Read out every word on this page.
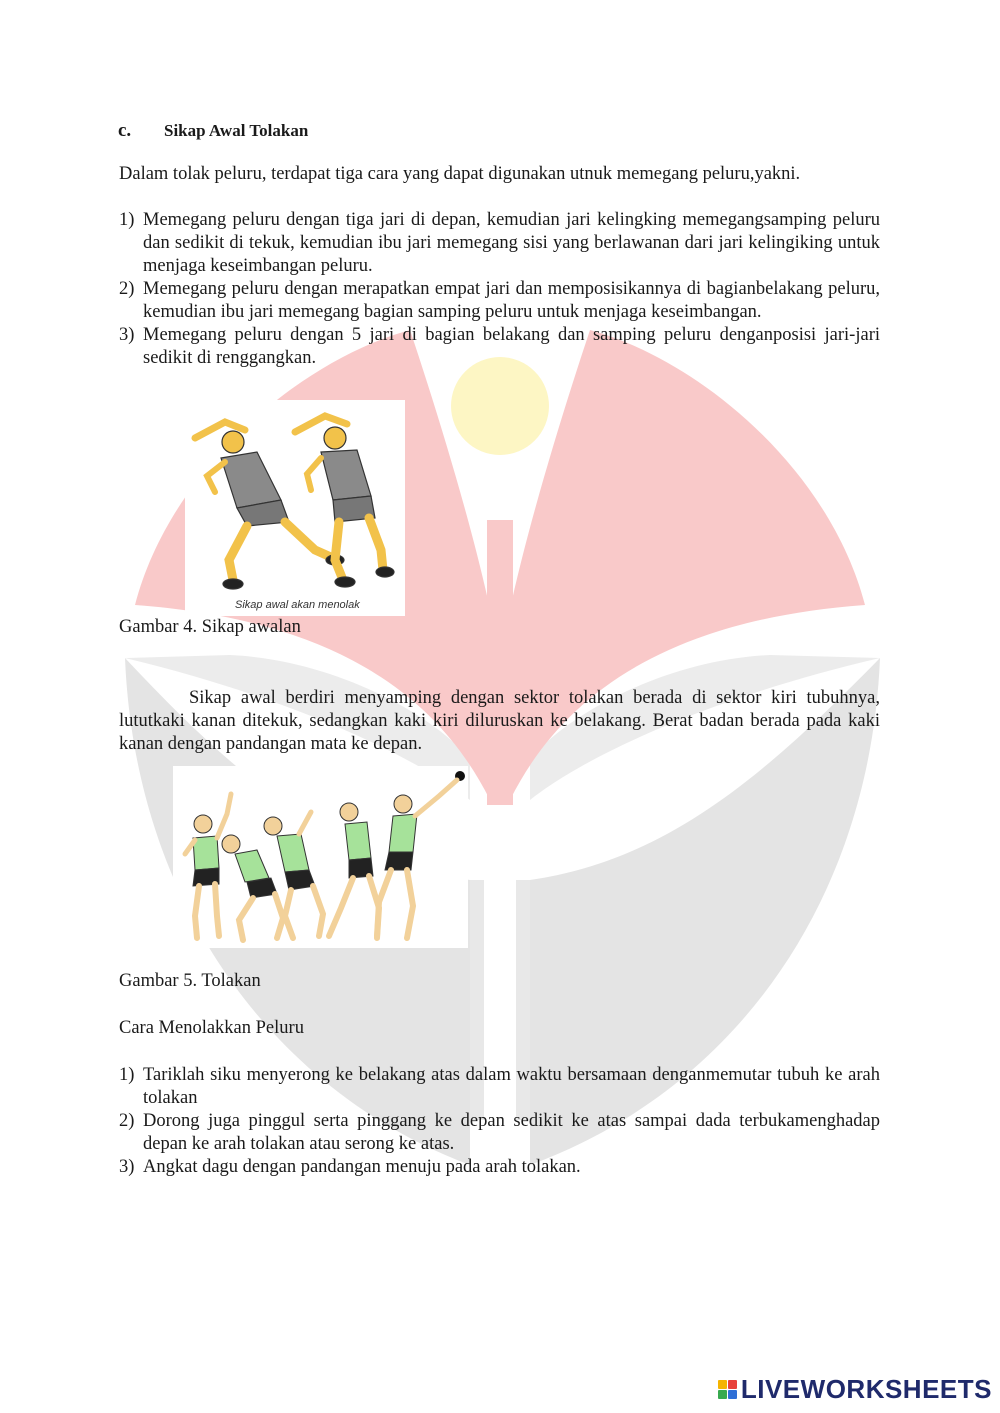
c. Sikap Awal Tolakan
Dalam tolak peluru, terdapat tiga cara yang dapat digunakan utnuk memegang peluru,yakni.
1) Memegang peluru dengan tiga jari di depan, kemudian jari kelingking memegangsamping peluru dan sedikit di tekuk, kemudian ibu jari memegang sisi yang berlawanan dari jari kelingiking untuk menjaga keseimbangan peluru.
2) Memegang peluru dengan merapatkan empat jari dan memposisikannya di bagianbelakang peluru, kemudian ibu jari memegang bagian samping peluru untuk menjaga keseimbangan.
3) Memegang peluru dengan 5 jari di bagian belakang dan samping peluru denganposisi jari-jari sedikit di renggangkan.
Sikap awal akan menolak
Gambar 4. Sikap awalan
Sikap awal berdiri menyamping dengan sektor tolakan berada di sektor kiri tubuhnya, lututkaki kanan ditekuk, sedangkan kaki kiri diluruskan ke belakang. Berat badan berada pada kaki kanan dengan pandangan mata ke depan.
Gambar 5. Tolakan
Cara Menolakkan Peluru
1) Tariklah siku menyerong ke belakang atas dalam waktu bersamaan denganmemutar tubuh ke arah tolakan
2) Dorong juga pinggul serta pinggang ke depan sedikit ke atas sampai dada terbukamenghadap depan ke arah tolakan atau serong ke atas.
3) Angkat dagu dengan pandangan menuju pada arah tolakan.
LIVEWORKSHEETS
